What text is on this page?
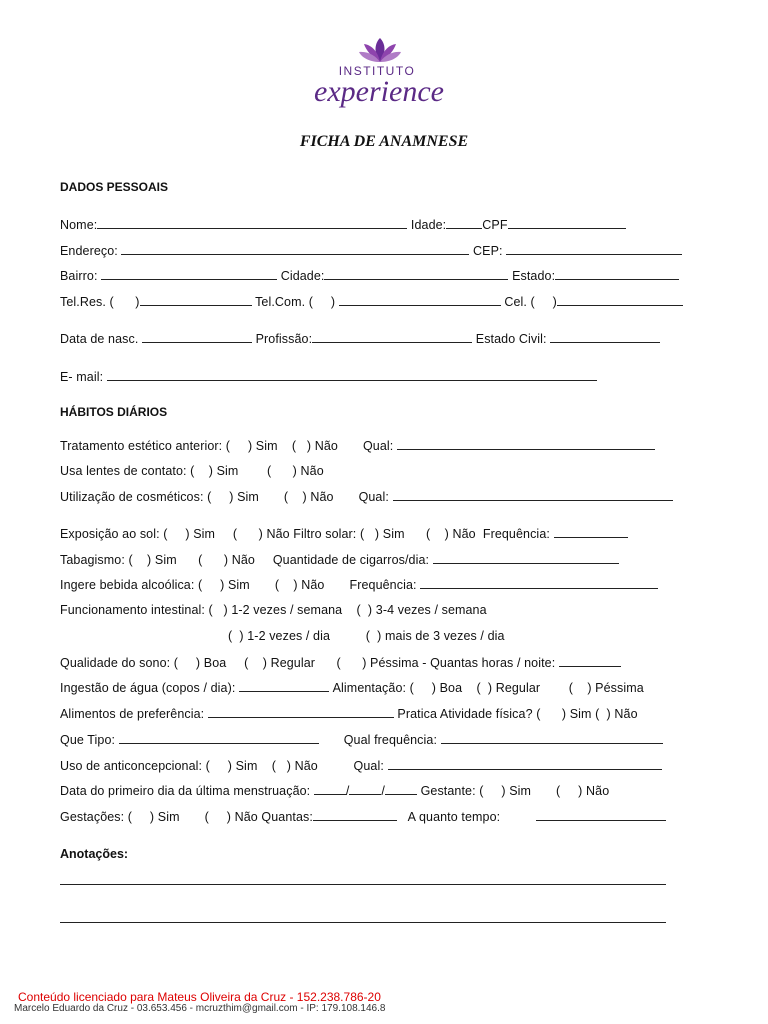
INSTITUTO
experience
FICHA DE ANAMNESE
DADOS PESSOAIS
Nome:	Idade:	CPF
Endereço:	CEP:
Bairro:	Cidade:	Estado:
Tel.Res. (      )	Tel.Com. (     )	Cel. (     )
Data de nasc.	Profissão:	Estado Civil:
E- mail:
HÁBITOS DIÁRIOS
Tratamento estético anterior: (     ) Sim    (   ) Não Qual:
Usa lentes de contato: (    ) Sim        (      ) Não
Utilização de cosméticos: (     ) Sim       (    ) Não Qual:
Exposição ao sol: (     ) Sim     (      ) Não Filtro solar: (   ) Sim      (    ) Não Frequência:
Tabagismo: (    ) Sim      (      ) Não Quantidade de cigarros/dia:
Ingere bebida alcoólica: (     ) Sim       (    ) Não Frequência:
Funcionamento intestinal: (   ) 1-2 vezes / semana    (  ) 3-4 vezes / semana
(  ) 1-2 vezes / dia          (  ) mais de 3 vezes / dia
Qualidade do sono: (     ) Boa     (    ) Regular      (      ) Péssima - Quantas horas / noite:
Ingestão de água (copos / dia):	Alimentação: (     ) Boa    (  ) Regular        (    ) Péssima
Alimentos de preferência:	Pratica Atividade física? (      ) Sim (  ) Não
Que Tipo:	Qual frequência:
Uso de anticoncepcional: (     ) Sim    (   ) Não	Qual:
Data do primeiro dia da última menstruação:	/	/	Gestante: (     ) Sim       (     ) Não
Gestações: (     ) Sim       (     ) Não Quantas:	A quanto tempo:
Anotações:
Conteúdo licenciado para Mateus Oliveira da Cruz - 152.238.786-20
Marcelo Eduardo da Cruz - 03.653.456 - mcruzthim@gmail.com - IP: 179.108.146.8
